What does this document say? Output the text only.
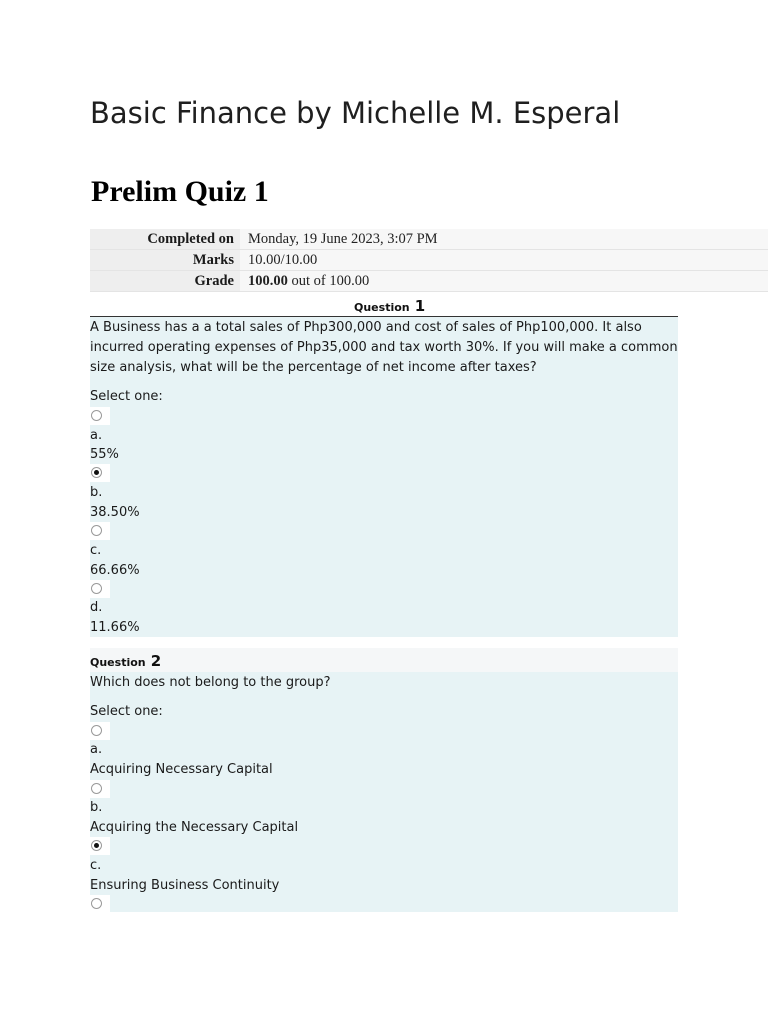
Basic Finance by Michelle M. Esperal
Prelim Quiz 1
Completed on	Monday, 19 June 2023, 3:07 PM
Marks	10.00/10.00
Grade	100.00 out of 100.00
Question 1
A Business has a a total sales of Php300,000 and cost of sales of Php100,000. It also incurred operating expenses of Php35,000 and tax worth 30%. If you will make a common size analysis, what will be the percentage of net income after taxes?
Select one:
a.
55%
b.
38.50%
c.
66.66%
d.
11.66%
Question 2
Which does not belong to the group?
Select one:
a.
Acquiring Necessary Capital
b.
Acquiring the Necessary Capital
c.
Ensuring Business Continuity
